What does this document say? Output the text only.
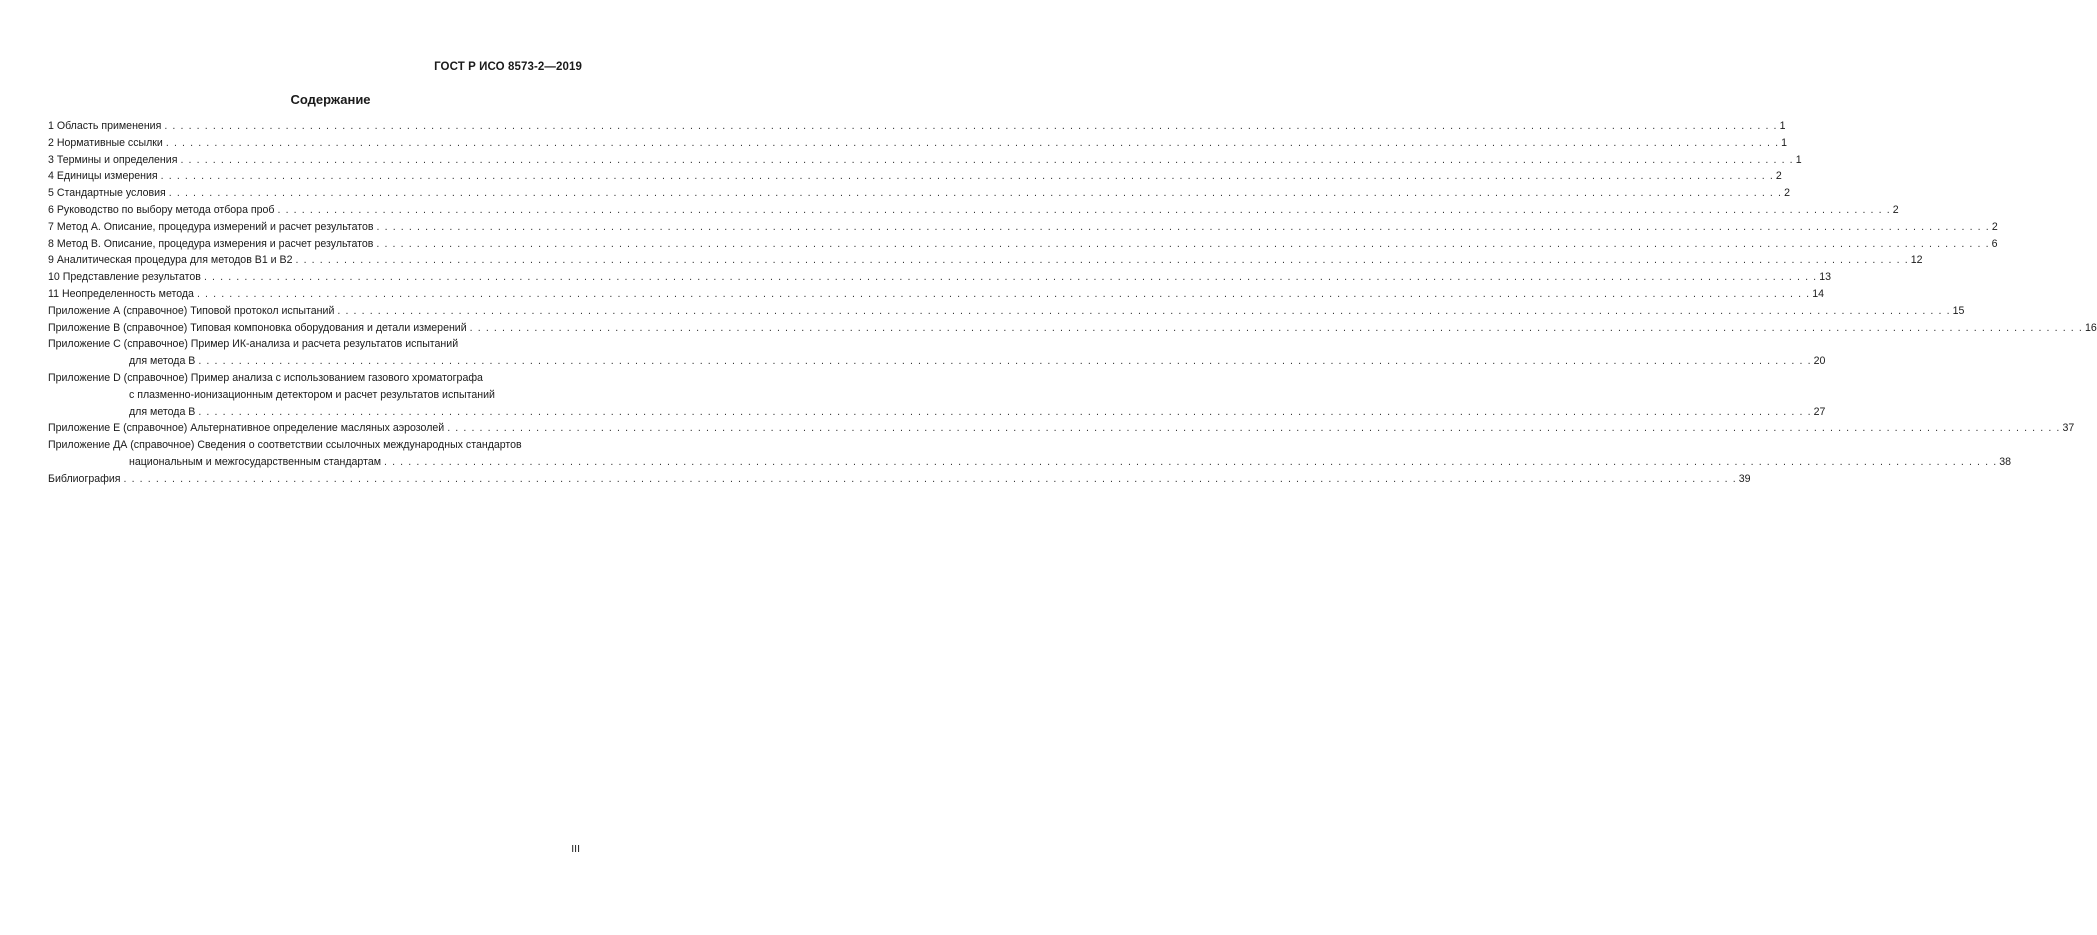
ГОСТ Р ИСО 8573-2—2019
Содержание
1 Область применения . . . . . . . . . . . . . . . . . . . . . . . . . . . . . . . . . . . . . . . . . . . . . . . . . . . . . . . . . . . . . . . . . . . . . . . . . . . . . . . . . . . . . . . . . . . . . . . . . . . . . . . . . . . . . . . . . . . . . . . . . . . . . . . . . . . . . . . . . . . . . . . . . . . . . . . . . . . . . . . . . . . . . . . . . . . . . . . . . . . . . . . . . . . . . . . . . . . . . . . . 1
2 Нормативные ссылки . . . . . . . . . . . . . . . . . . . . . . . . . . . . . . . . . . . . . . . . . . . . . . . . . . . . . . . . . . . . . . . . . . . . . . . . . . . . . . . . . . . . . . . . . . . . . . . . . . . . . . . . . . . . . . . . . . . . . . . . . . . . . . . . . . . . . . . . . . . . . . . . . . . . . . . . . . . . . . . . . . . . . . . . . . . . . . . . . . . . . . . . . . . . . . . . . . . . . . . . 1
3 Термины и определения . . . . . . . . . . . . . . . . . . . . . . . . . . . . . . . . . . . . . . . . . . . . . . . . . . . . . . . . . . . . . . . . . . . . . . . . . . . . . . . . . . . . . . . . . . . . . . . . . . . . . . . . . . . . . . . . . . . . . . . . . . . . . . . . . . . . . . . . . . . . . . . . . . . . . . . . . . . . . . . . . . . . . . . . . . . . . . . . . . . . . . . . . . . . . . . . . . . . . . . . 1
4 Единицы измерения . . . . . . . . . . . . . . . . . . . . . . . . . . . . . . . . . . . . . . . . . . . . . . . . . . . . . . . . . . . . . . . . . . . . . . . . . . . . . . . . . . . . . . . . . . . . . . . . . . . . . . . . . . . . . . . . . . . . . . . . . . . . . . . . . . . . . . . . . . . . . . . . . . . . . . . . . . . . . . . . . . . . . . . . . . . . . . . . . . . . . . . . . . . . . . . . . . . . . . . . 2
5 Стандартные условия . . . . . . . . . . . . . . . . . . . . . . . . . . . . . . . . . . . . . . . . . . . . . . . . . . . . . . . . . . . . . . . . . . . . . . . . . . . . . . . . . . . . . . . . . . . . . . . . . . . . . . . . . . . . . . . . . . . . . . . . . . . . . . . . . . . . . . . . . . . . . . . . . . . . . . . . . . . . . . . . . . . . . . . . . . . . . . . . . . . . . . . . . . . . . . . . . . . . . . . . 2
6 Руководство по выбору метода отбора проб . . . . . . . . . . . . . . . . . . . . . . . . . . . . . . . . . . . . . . . . . . . . . . . . . . . . . . . . . . . . . . . . . . . . . . . . . . . . . . . . . . . . . . . . . . . . . . . . . . . . . . . . . . . . . . . . . . . . . . . . . . . . . . . . . . . . . . . . . . . . . . . . . . . . . . . . . . . . . . . . . . . . . . . . . . . . . . . . . . . . . . . . . . . . . . . . . . . . . . . . 2
7 Метод А. Описание, процедура измерений и расчет результатов . . . . . . . . . . . . . . . . . . . . . . . . . . . . . . . . . . . . . . . . . . . . . . . . . . . . . . . . . . . . . . . . . . . . . . . . . . . . . . . . . . . . . . . . . . . . . . . . . . . . . . . . . . . . . . . . . . . . . . . . . . . . . . . . . . . . . . . . . . . . . . . . . . . . . . . . . . . . . . . . . . . . . . . . . . . . . . . . . . . . . . . . . . . . . . . . . . . . . . . . 2
8 Метод В. Описание, процедура измерения и расчет результатов . . . . . . . . . . . . . . . . . . . . . . . . . . . . . . . . . . . . . . . . . . . . . . . . . . . . . . . . . . . . . . . . . . . . . . . . . . . . . . . . . . . . . . . . . . . . . . . . . . . . . . . . . . . . . . . . . . . . . . . . . . . . . . . . . . . . . . . . . . . . . . . . . . . . . . . . . . . . . . . . . . . . . . . . . . . . . . . . . . . . . . . . . . . . . . . . . . . . . . . . 6
9 Аналитическая процедура для методов В1 и В2 . . . . . . . . . . . . . . . . . . . . . . . . . . . . . . . . . . . . . . . . . . . . . . . . . . . . . . . . . . . . . . . . . . . . . . . . . . . . . . . . . . . . . . . . . . . . . . . . . . . . . . . . . . . . . . . . . . . . . . . . . . . . . . . . . . . . . . . . . . . . . . . . . . . . . . . . . . . . . . . . . . . . . . . . . . . . . . . . . . . . . . . . . . . . . . . . . . . . . . . . 12
10 Представление результатов . . . . . . . . . . . . . . . . . . . . . . . . . . . . . . . . . . . . . . . . . . . . . . . . . . . . . . . . . . . . . . . . . . . . . . . . . . . . . . . . . . . . . . . . . . . . . . . . . . . . . . . . . . . . . . . . . . . . . . . . . . . . . . . . . . . . . . . . . . . . . . . . . . . . . . . . . . . . . . . . . . . . . . . . . . . . . . . . . . . . . . . . . . . . . . . . . . . . . . . . 13
11 Неопределенность метода . . . . . . . . . . . . . . . . . . . . . . . . . . . . . . . . . . . . . . . . . . . . . . . . . . . . . . . . . . . . . . . . . . . . . . . . . . . . . . . . . . . . . . . . . . . . . . . . . . . . . . . . . . . . . . . . . . . . . . . . . . . . . . . . . . . . . . . . . . . . . . . . . . . . . . . . . . . . . . . . . . . . . . . . . . . . . . . . . . . . . . . . . . . . . . . . . . . . . . . . 14
Приложение А (справочное) Типовой протокол испытаний . . . . . . . . . . . . . . . . . . . . . . . . . . . . . . . . . . . . . . . . . . . . . . . . . . . . . . . . . . . . . . . . . . . . . . . . . . . . . . . . . . . . . . . . . . . . . . . . . . . . . . . . . . . . . . . . . . . . . . . . . . . . . . . . . . . . . . . . . . . . . . . . . . . . . . . . . . . . . . . . . . . . . . . . . . . . . . . . . . . . . . . . . . . . . . . . . . . . . . . . 15
Приложение В (справочное) Типовая компоновка оборудования и детали измерений . . . . . . . . . . . . . . . . . . . . . . . . . . . . . . . . . . . . . . . . . . . . . . . . . . . . . . . . . . . . . . . . . . . . . . . . . . . . . . . . . . . . . . . . . . . . . . . . . . . . . . . . . . . . . . . . . . . . . . . . . . . . . . . . . . . . . . . . . . . . . . . . . . . . . . . . . . . . . . . . . . . . . . . . . . . . . . . . . . . . . . . . . . . . . . . . . . . . . . . . 16
Приложение С (справочное) Пример ИК-анализа и расчета результатов испытаний
для метода В . . . . . . . . . . . . . . . . . . . . . . . . . . . . . . . . . . . . . . . . . . . . . . . . . . . . . . . . . . . . . . . . . . . . . . . . . . . . . . . . . . . . . . . . . . . . . . . . . . . . . . . . . . . . . . . . . . . . . . . . . . . . . . . . . . . . . . . . . . . . . . . . . . . . . . . . . . . . . . . . . . . . . . . . . . . . . . . . . . . . . . . . . . . . . . . . . . . . . . . . 20
Приложение D (справочное) Пример анализа с использованием газового хроматографа
с плазменно-ионизационным детектором и расчет результатов испытаний
для метода В . . . . . . . . . . . . . . . . . . . . . . . . . . . . . . . . . . . . . . . . . . . . . . . . . . . . . . . . . . . . . . . . . . . . . . . . . . . . . . . . . . . . . . . . . . . . . . . . . . . . . . . . . . . . . . . . . . . . . . . . . . . . . . . . . . . . . . . . . . . . . . . . . . . . . . . . . . . . . . . . . . . . . . . . . . . . . . . . . . . . . . . . . . . . . . . . . . . . . . . . 27
Приложение Е (справочное) Альтернативное определение масляных аэрозолей . . . . . . . . . . . . . . . . . . . . . . . . . . . . . . . . . . . . . . . . . . . . . . . . . . . . . . . . . . . . . . . . . . . . . . . . . . . . . . . . . . . . . . . . . . . . . . . . . . . . . . . . . . . . . . . . . . . . . . . . . . . . . . . . . . . . . . . . . . . . . . . . . . . . . . . . . . . . . . . . . . . . . . . . . . . . . . . . . . . . . . . . . . . . . . . . . . . . . . . . 37
Приложение ДА (справочное) Сведения о соответствии ссылочных международных стандартов
национальным и межгосударственным стандартам . . . . . . . . . . . . . . . . . . . . . . . . . . . . . . . . . . . . . . . . . . . . . . . . . . . . . . . . . . . . . . . . . . . . . . . . . . . . . . . . . . . . . . . . . . . . . . . . . . . . . . . . . . . . . . . . . . . . . . . . . . . . . . . . . . . . . . . . . . . . . . . . . . . . . . . . . . . . . . . . . . . . . . . . . . . . . . . . . . . . . . . . . . . . . . . . . . . . . . . . 38
Библиография . . . . . . . . . . . . . . . . . . . . . . . . . . . . . . . . . . . . . . . . . . . . . . . . . . . . . . . . . . . . . . . . . . . . . . . . . . . . . . . . . . . . . . . . . . . . . . . . . . . . . . . . . . . . . . . . . . . . . . . . . . . . . . . . . . . . . . . . . . . . . . . . . . . . . . . . . . . . . . . . . . . . . . . . . . . . . . . . . . . . . . . . . . . . . . . . . . . . . . . . 39
III
